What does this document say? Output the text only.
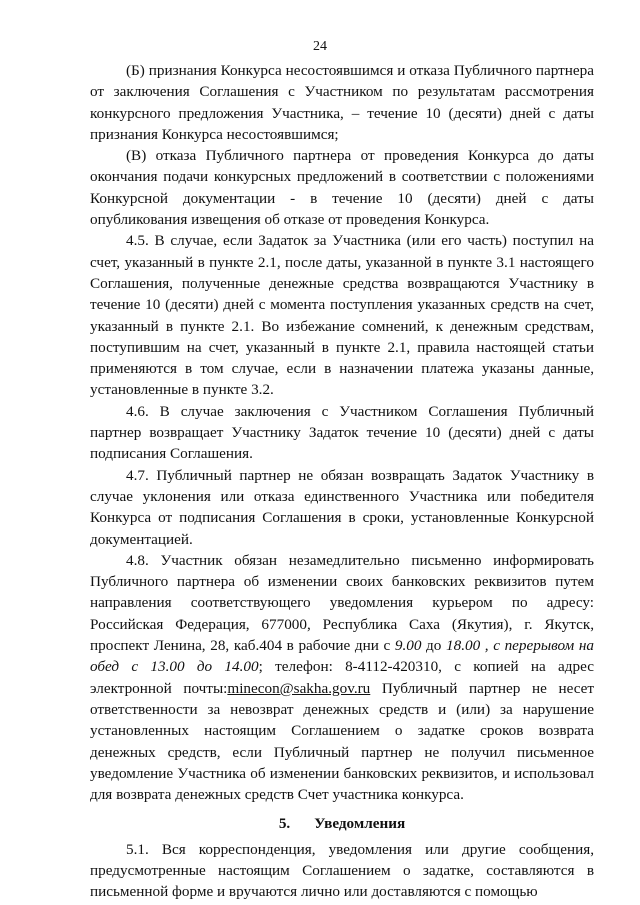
24

(Б) признания Конкурса несостоявшимся и отказа Публичного партнера от заключения Соглашения с Участником по результатам рассмотрения конкурсного предложения Участника, – течение 10 (десяти) дней с даты признания Конкурса несостоявшимся;

(В) отказа Публичного партнера от проведения Конкурса до даты окончания подачи конкурсных предложений в соответствии с положениями Конкурсной документации - в течение 10 (десяти) дней с даты опубликования извещения об отказе от проведения Конкурса.

4.5. В случае, если Задаток за Участника (или его часть) поступил на счет, указанный в пункте 2.1, после даты, указанной в пункте 3.1 настоящего Соглашения, полученные денежные средства возвращаются Участнику в течение 10 (десяти) дней с момента поступления указанных средств на счет, указанный в пункте 2.1. Во избежание сомнений, к денежным средствам, поступившим на счет, указанный в пункте 2.1, правила настоящей статьи применяются в том случае, если в назначении платежа указаны данные, установленные в пункте 3.2.

4.6. В случае заключения с Участником Соглашения Публичный партнер возвращает Участнику Задаток течение 10 (десяти) дней с даты подписания Соглашения.

4.7. Публичный партнер не обязан возвращать Задаток Участнику в случае уклонения или отказа единственного Участника или победителя Конкурса от подписания Соглашения в сроки, установленные Конкурсной документацией.

4.8. Участник обязан незамедлительно письменно информировать Публичного партнера об изменении своих банковских реквизитов путем направления соответствующего уведомления курьером по адресу: Российская Федерация, 677000, Республика Саха (Якутия), г. Якутск, проспект Ленина, 28, каб.404 в рабочие дни с 9.00 до 18.00 , с перерывом на обед с 13.00 до 14.00; телефон: 8-4112-420310, с копией на адрес электронной почты:minecon@sakha.gov.ru Публичный партнер не несет ответственности за невозврат денежных средств и (или) за нарушение установленных настоящим Соглашением о задатке сроков возврата денежных средств, если Публичный партнер не получил письменное уведомление Участника об изменении банковских реквизитов, и использовал для возврата денежных средств Счет участника конкурса.

5. Уведомления

5.1. Вся корреспонденция, уведомления или другие сообщения, предусмотренные настоящим Соглашением о задатке, составляются в письменной форме и вручаются лично или доставляются с помощью
